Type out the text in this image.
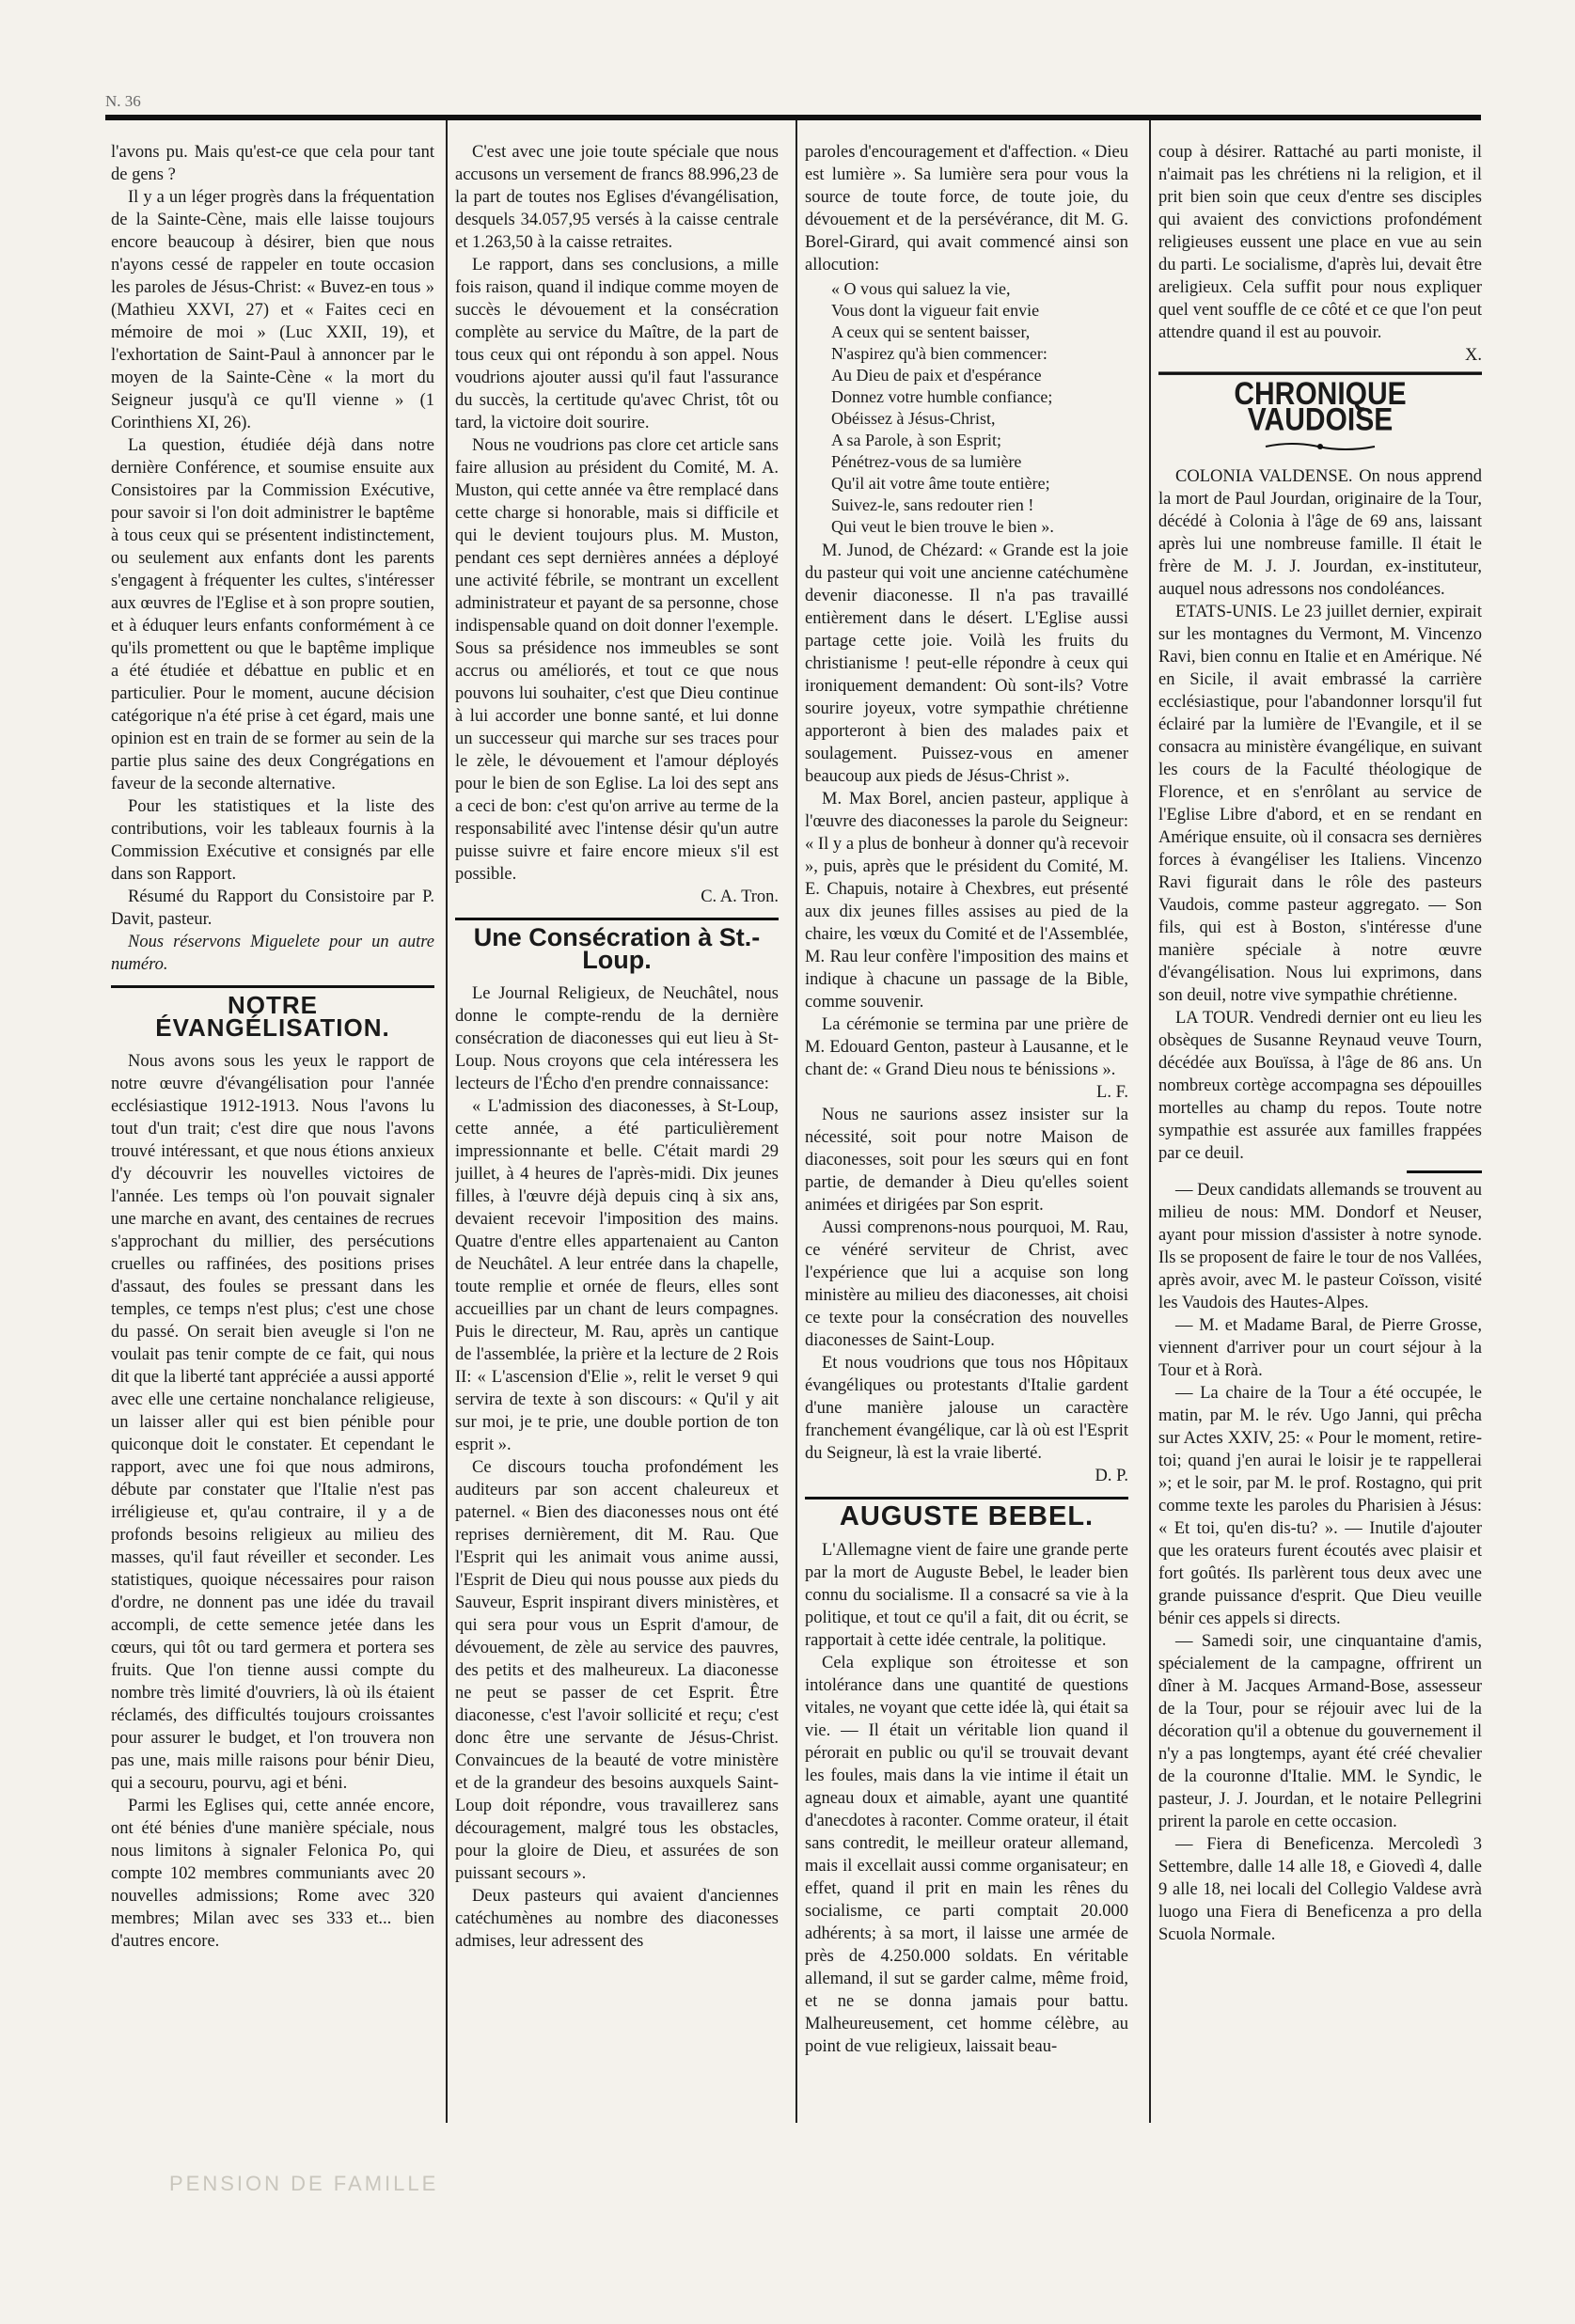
N. 36

l'avons pu. Mais qu'est-ce que cela pour tant de gens ?

Il y a un léger progrès dans la fréquentation de la Sainte-Cène, mais elle laisse toujours encore beaucoup à désirer, bien que nous n'ayons cessé de rappeler en toute occasion les paroles de Jésus-Christ: « Buvez-en tous » (Mathieu XXVI, 27) et « Faites ceci en mémoire de moi » (Luc XXII, 19), et l'exhortation de Saint-Paul à annoncer par le moyen de la Sainte-Cène « la mort du Seigneur jusqu'à ce qu'Il vienne » (1 Corinthiens XI, 26).

La question, étudiée déjà dans notre dernière Conférence, et soumise ensuite aux Consistoires par la Commission Exécutive, pour savoir si l'on doit administrer le baptême à tous ceux qui se présentent indistinctement, ou seulement aux enfants dont les parents s'engagent à fréquenter les cultes, s'intéresser aux œuvres de l'Eglise et à son propre soutien, et à éduquer leurs enfants conformément à ce qu'ils promettent ou que le baptême implique a été étudiée et débattue en public et en particulier. Pour le moment, aucune décision catégorique n'a été prise à cet égard, mais une opinion est en train de se former au sein de la partie plus saine des deux Congrégations en faveur de la seconde alternative.

Pour les statistiques et la liste des contributions, voir les tableaux fournis à la Commission Exécutive et consignés par elle dans son Rapport.

Résumé du Rapport du Consistoire par P. Davit, pasteur.

Nous réservons Miguelete pour un autre numéro.

NOTRE ÉVANGÉLISATION.

Nous avons sous les yeux le rapport de notre œuvre d'évangélisation pour l'année ecclésiastique 1912-1913. Nous l'avons lu tout d'un trait; c'est dire que nous l'avons trouvé intéressant, et que nous étions anxieux d'y découvrir les nouvelles victoires de l'année. Les temps où l'on pouvait signaler une marche en avant, des centaines de recrues s'approchant du millier, des persécutions cruelles ou raffinées, des positions prises d'assaut, des foules se pressant dans les temples, ce temps n'est plus; c'est une chose du passé. On serait bien aveugle si l'on ne voulait pas tenir compte de ce fait, qui nous dit que la liberté tant appréciée a aussi apporté avec elle une certaine nonchalance religieuse, un laisser aller qui est bien pénible pour quiconque doit le constater. Et cependant le rapport, avec une foi que nous admirons, débute par constater que l'Italie n'est pas irréligieuse et, qu'au contraire, il y a de profonds besoins religieux au milieu des masses, qu'il faut réveiller et seconder. Les statistiques, quoique nécessaires pour raison d'ordre, ne donnent pas une idée du travail accompli, de cette semence jetée dans les cœurs, qui tôt ou tard germera et portera ses fruits. Que l'on tienne aussi compte du nombre très limité d'ouvriers, là où ils étaient réclamés, des difficultés toujours croissantes pour assurer le budget, et l'on trouvera non pas une, mais mille raisons pour bénir Dieu, qui a secouru, pourvu, agi et béni.

Parmi les Eglises qui, cette année encore, ont été bénies d'une manière spéciale, nous nous limitons à signaler Felonica Po, qui compte 102 membres communiants avec 20 nouvelles admissions; Rome avec 320 membres; Milan avec ses 333 et... bien d'autres encore.

C'est avec une joie toute spéciale que nous accusons un versement de francs 88.996,23 de la part de toutes nos Eglises d'évangélisation, desquels 34.057,95 versés à la caisse centrale et 1.263,50 à la caisse retraites.

Le rapport, dans ses conclusions, a mille fois raison, quand il indique comme moyen de succès le dévouement et la consécration complète au service du Maître, de la part de tous ceux qui ont répondu à son appel. Nous voudrions ajouter aussi qu'il faut l'assurance du succès, la certitude qu'avec Christ, tôt ou tard, la victoire doit sourire.

Nous ne voudrions pas clore cet article sans faire allusion au président du Comité, M. A. Muston, qui cette année va être remplacé dans cette charge si honorable, mais si difficile et qui le devient toujours plus. M. Muston, pendant ces sept dernières années a déployé une activité fébrile, se montrant un excellent administrateur et payant de sa personne, chose indispensable quand on doit donner l'exemple. Sous sa présidence nos immeubles se sont accrus ou améliorés, et tout ce que nous pouvons lui souhaiter, c'est que Dieu continue à lui accorder une bonne santé, et lui donne un successeur qui marche sur ses traces pour le zèle, le dévouement et l'amour déployés pour le bien de son Eglise. La loi des sept ans a ceci de bon: c'est qu'on arrive au terme de la responsabilité avec l'intense désir qu'un autre puisse suivre et faire encore mieux s'il est possible.

C. A. Tron.
Une Consécration à St.-Loup.

Le Journal Religieux, de Neuchâtel, nous donne le compte-rendu de la dernière consécration de diaconesses qui eut lieu à St-Loup. Nous croyons que cela intéressera les lecteurs de l'Écho d'en prendre connaissance:

« L'admission des diaconesses, à St-Loup, cette année, a été particulièrement impressionnante et belle. C'était mardi 29 juillet, à 4 heures de l'après-midi. Dix jeunes filles, à l'œuvre déjà depuis cinq à six ans, devaient recevoir l'imposition des mains. Quatre d'entre elles appartenaient au Canton de Neuchâtel. A leur entrée dans la chapelle, toute remplie et ornée de fleurs, elles sont accueillies par un chant de leurs compagnes. Puis le directeur, M. Rau, après un cantique de l'assemblée, la prière et la lecture de 2 Rois II: « L'ascension d'Elie », relit le verset 9 qui servira de texte à son discours: « Qu'il y ait sur moi, je te prie, une double portion de ton esprit ».

Ce discours toucha profondément les auditeurs par son accent chaleureux et paternel. « Bien des diaconesses nous ont été reprises dernièrement, dit M. Rau. Que l'Esprit qui les animait vous anime aussi, l'Esprit de Dieu qui nous pousse aux pieds du Sauveur, Esprit inspirant divers ministères, et qui sera pour vous un Esprit d'amour, de dévouement, de zèle au service des pauvres, des petits et des malheureux. La diaconesse ne peut se passer de cet Esprit. Être diaconesse, c'est l'avoir sollicité et reçu; c'est donc être une servante de Jésus-Christ. Convaincues de la beauté de votre ministère et de la grandeur des besoins auxquels Saint-Loup doit répondre, vous travaillerez sans découragement, malgré tous les obstacles, pour la gloire de Dieu, et assurées de son puissant secours ».

Deux pasteurs qui avaient d'anciennes catéchumènes au nombre des diaconesses admises, leur adressent des

paroles d'encouragement et d'affection. « Dieu est lumière ». Sa lumière sera pour vous la source de toute force, de toute joie, du dévouement et de la persévérance, dit M. G. Borel-Girard, qui avait commencé ainsi son allocution:

« O vous qui saluez la vie,
Vous dont la vigueur fait envie
A ceux qui se sentent baisser,
N'aspirez qu'à bien commencer:
Au Dieu de paix et d'espérance
Donnez votre humble confiance;
Obéissez à Jésus-Christ,
A sa Parole, à son Esprit;
Pénétrez-vous de sa lumière
Qu'il ait votre âme toute entière;
Suivez-le, sans redouter rien !
Qui veut le bien trouve le bien ».

M. Junod, de Chézard: « Grande est la joie du pasteur qui voit une ancienne catéchumène devenir diaconesse. Il n'a pas travaillé entièrement dans le désert. L'Eglise aussi partage cette joie. Voilà les fruits du christianisme ! peut-elle répondre à ceux qui ironiquement demandent: Où sont-ils? Votre sourire joyeux, votre sympathie chrétienne apporteront à bien des malades paix et soulagement. Puissez-vous en amener beaucoup aux pieds de Jésus-Christ ».

M. Max Borel, ancien pasteur, applique à l'œuvre des diaconesses la parole du Seigneur: « Il y a plus de bonheur à donner qu'à recevoir », puis, après que le président du Comité, M. E. Chapuis, notaire à Chexbres, eut présenté aux dix jeunes filles assises au pied de la chaire, les vœux du Comité et de l'Assemblée, M. Rau leur confère l'imposition des mains et indique à chacune un passage de la Bible, comme souvenir.

La cérémonie se termina par une prière de M. Edouard Genton, pasteur à Lausanne, et le chant de: « Grand Dieu nous te bénissions ».

L. F.

Nous ne saurions assez insister sur la nécessité, soit pour notre Maison de diaconesses, soit pour les sœurs qui en font partie, de demander à Dieu qu'elles soient animées et dirigées par Son esprit.

Aussi comprenons-nous pourquoi, M. Rau, ce vénéré serviteur de Christ, avec l'expérience que lui a acquise son long ministère au milieu des diaconesses, ait choisi ce texte pour la consécration des nouvelles diaconesses de Saint-Loup.

Et nous voudrions que tous nos Hôpitaux évangéliques ou protestants d'Italie gardent d'une manière jalouse un caractère franchement évangélique, car là où est l'Esprit du Seigneur, là est la vraie liberté.

D. P.
AUGUSTE BEBEL.

L'Allemagne vient de faire une grande perte par la mort de Auguste Bebel, le leader bien connu du socialisme. Il a consacré sa vie à la politique, et tout ce qu'il a fait, dit ou écrit, se rapportait à cette idée centrale, la politique.

Cela explique son étroitesse et son intolérance dans une quantité de questions vitales, ne voyant que cette idée là, qui était sa vie. — Il était un véritable lion quand il pérorait en public ou qu'il se trouvait devant les foules, mais dans la vie intime il était un agneau doux et aimable, ayant une quantité d'anecdotes à raconter. Comme orateur, il était sans contredit, le meilleur orateur allemand, mais il excellait aussi comme organisateur; en effet, quand il prit en main les rênes du socialisme, ce parti comptait 20.000 adhérents; à sa mort, il laisse une armée de près de 4.250.000 soldats. En véritable allemand, il sut se garder calme, même froid, et ne se donna jamais pour battu. Malheureusement, cet homme célèbre, au point de vue religieux, laissait beau-

coup à désirer. Rattaché au parti moniste, il n'aimait pas les chrétiens ni la religion, et il prit bien soin que ceux d'entre ses disciples qui avaient des convictions profondément religieuses eussent une place en vue au sein du parti. Le socialisme, d'après lui, devait être areligieux. Cela suffit pour nous expliquer quel vent souffle de ce côté et ce que l'on peut attendre quand il est au pouvoir.

X.
CHRONIQUE VAUDOISE

COLONIA VALDENSE. On nous apprend la mort de Paul Jourdan, originaire de la Tour, décédé à Colonia à l'âge de 69 ans, laissant après lui une nombreuse famille. Il était le frère de M. J. J. Jourdan, ex-instituteur, auquel nous adressons nos condoléances.

ETATS-UNIS. Le 23 juillet dernier, expirait sur les montagnes du Vermont, M. Vincenzo Ravi, bien connu en Italie et en Amérique. Né en Sicile, il avait embrassé la carrière ecclésiastique, pour l'abandonner lorsqu'il fut éclairé par la lumière de l'Evangile, et il se consacra au ministère évangélique, en suivant les cours de la Faculté théologique de Florence, et en s'enrôlant au service de l'Eglise Libre d'abord, et en se rendant en Amérique ensuite, où il consacra ses dernières forces à évangéliser les Italiens. Vincenzo Ravi figurait dans le rôle des pasteurs Vaudois, comme pasteur aggregato. — Son fils, qui est à Boston, s'intéresse d'une manière spéciale à notre œuvre d'évangélisation. Nous lui exprimons, dans son deuil, notre vive sympathie chrétienne.

LA TOUR. Vendredi dernier ont eu lieu les obsèques de Susanne Reynaud veuve Tourn, décédée aux Bouïssa, à l'âge de 86 ans. Un nombreux cortège accompagna ses dépouilles mortelles au champ du repos. Toute notre sympathie est assurée aux familles frappées par ce deuil.

— Deux candidats allemands se trouvent au milieu de nous: MM. Dondorf et Neuser, ayant pour mission d'assister à notre synode. Ils se proposent de faire le tour de nos Vallées, après avoir, avec M. le pasteur Coïsson, visité les Vaudois des Hautes-Alpes.

— M. et Madame Baral, de Pierre Grosse, viennent d'arriver pour un court séjour à la Tour et à Rorà.

— La chaire de la Tour a été occupée, le matin, par M. le rév. Ugo Janni, qui prêcha sur Actes XXIV, 25: « Pour le moment, retire-toi; quand j'en aurai le loisir je te rappellerai »; et le soir, par M. le prof. Rostagno, qui prit comme texte les paroles du Pharisien à Jésus: « Et toi, qu'en dis-tu? ». — Inutile d'ajouter que les orateurs furent écoutés avec plaisir et fort goûtés. Ils parlèrent tous deux avec une grande puissance d'esprit. Que Dieu veuille bénir ces appels si directs.

— Samedi soir, une cinquantaine d'amis, spécialement de la campagne, offrirent un dîner à M. Jacques Armand-Bose, assesseur de la Tour, pour se réjouir avec lui de la décoration qu'il a obtenue du gouvernement il n'y a pas longtemps, ayant été créé chevalier de la couronne d'Italie. MM. le Syndic, le pasteur, J. J. Jourdan, et le notaire Pellegrini prirent la parole en cette occasion.

— Fiera di Beneficenza. Mercoledì 3 Settembre, dalle 14 alle 18, e Giovedì 4, dalle 9 alle 18, nei locali del Collegio Valdese avrà luogo una Fiera di Beneficenza a pro della Scuola Normale.

PENSION DE FAMILLE
